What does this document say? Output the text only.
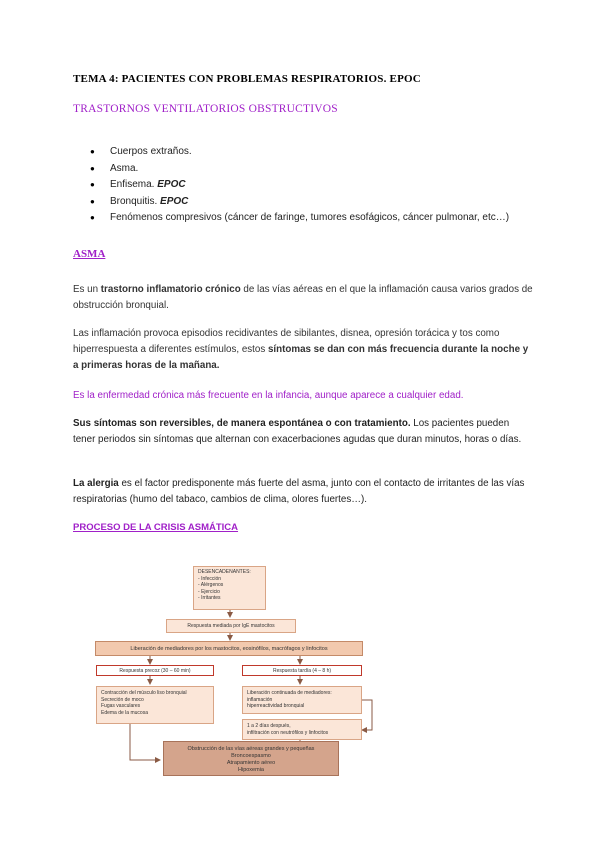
TEMA 4: PACIENTES CON PROBLEMAS RESPIRATORIOS. EPOC
TRASTORNOS VENTILATORIOS OBSTRUCTIVOS
● Cuerpos extraños.
● Asma.
● Enfisema. EPOC
● Bronquitis. EPOC
● Fenómenos compresivos (cáncer de faringe, tumores esofágicos, cáncer pulmonar, etc…)
ASMA

Es un trastorno inflamatorio crónico de las vías aéreas en el que la inflamación causa varios grados de obstrucción bronquial.

Las inflamación provoca episodios recidivantes de sibilantes, disnea, opresión torácica y tos como hiperrespuesta a diferentes estímulos, estos síntomas se dan con más frecuencia durante la noche y a primeras horas de la mañana.

Es la enfermedad crónica más frecuente en la infancia, aunque aparece a cualquier edad.

Sus síntomas son reversibles, de manera espontánea o con tratamiento. Los pacientes pueden tener periodos sin síntomas que alternan con exacerbaciones agudas que duran minutos, horas o días.

La alergia es el factor predisponente más fuerte del asma, junto con el contacto de irritantes de las vías respiratorias (humo del tabaco, cambios de clima, olores fuertes…).

PROCESO DE LA CRISIS ASMÁTICA
DESENCADENANTES:
- Infección
- Alérgenos
- Ejercicio
- Irritantes
Respuesta mediada por IgE mastocitos
Liberación de mediadores por los mastocitos, eosinófilos, macrófagos y linfocitos
Respuesta precoz (30 – 60 min)	Respuesta tardía (4 – 8 h)
Contracción del músculo liso bronquial
Secreción de moco
Fugas vasculares
Edema de la mucosa
Liberación continuada de mediadores:
inflamación
hiperreactividad bronquial
1 a 2 días después,
infiltración con neutrófilos y linfocitos
Obstrucción de las vías aéreas grandes y pequeñas
Broncoespasmo
Atrapamiento aéreo
Hipoxemia
